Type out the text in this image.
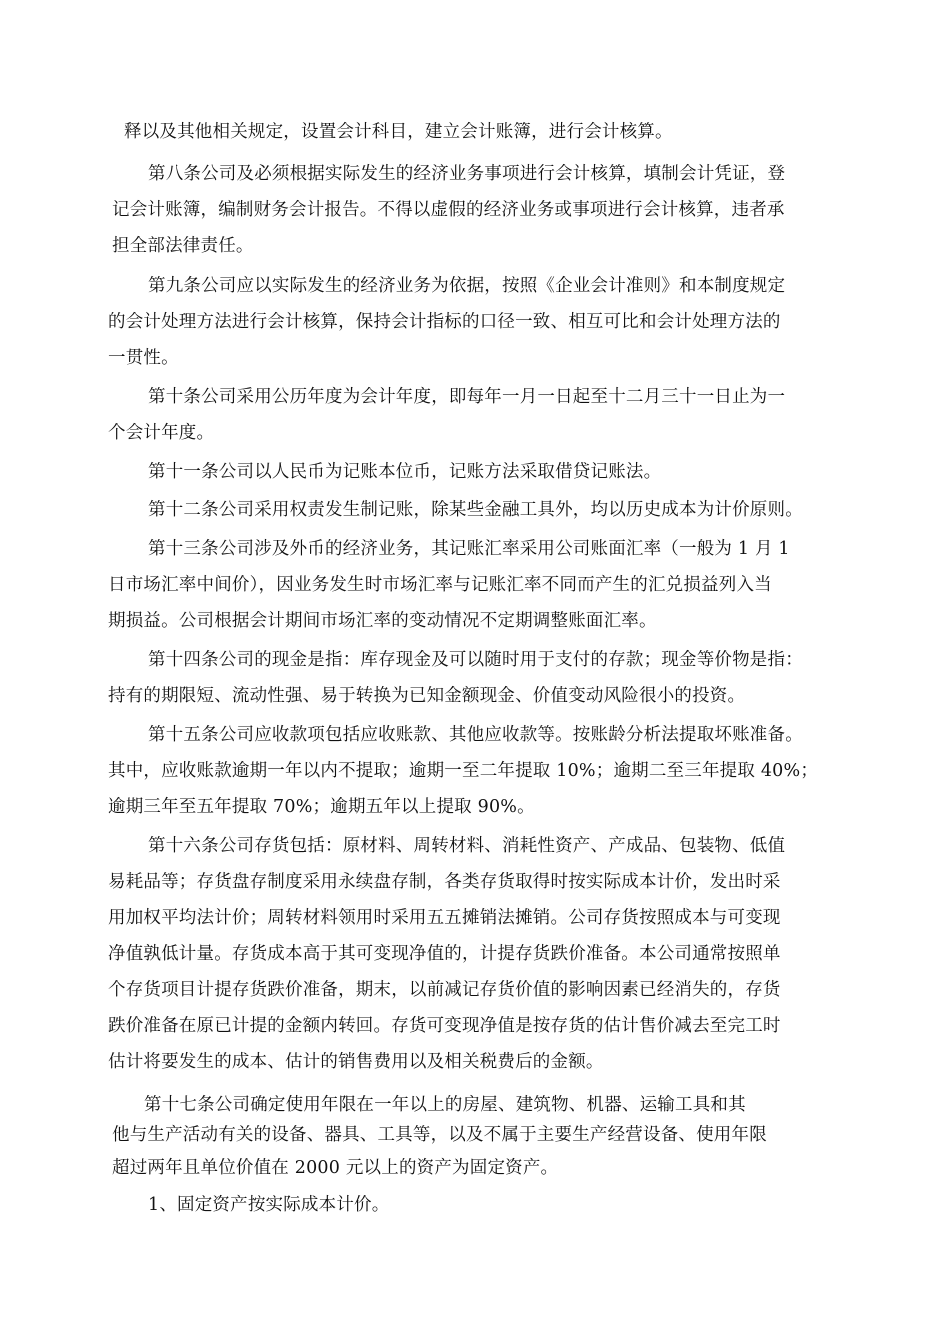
释以及其他相关规定，设置会计科目，建立会计账簿，进行会计核算。
第八条公司及必须根据实际发生的经济业务事项进行会计核算，填制会计凭证，登
记会计账簿，编制财务会计报告。不得以虚假的经济业务或事项进行会计核算，违者承
担全部法律责任。
第九条公司应以实际发生的经济业务为依据，按照《企业会计准则》和本制度规定
的会计处理方法进行会计核算，保持会计指标的口径一致、相互可比和会计处理方法的
一贯性。
第十条公司采用公历年度为会计年度，即每年一月一日起至十二月三十一日止为一
个会计年度。
第十一条公司以人民币为记账本位币，记账方法采取借贷记账法。
第十二条公司采用权责发生制记账，除某些金融工具外，均以历史成本为计价原则。
第十三条公司涉及外币的经济业务，其记账汇率采用公司账面汇率（一般为 1 月 1
日市场汇率中间价），因业务发生时市场汇率与记账汇率不同而产生的汇兑损益列入当
期损益。公司根据会计期间市场汇率的变动情况不定期调整账面汇率。
第十四条公司的现金是指：库存现金及可以随时用于支付的存款；现金等价物是指：
持有的期限短、流动性强、易于转换为已知金额现金、价值变动风险很小的投资。
第十五条公司应收款项包括应收账款、其他应收款等。按账龄分析法提取坏账准备。
其中，应收账款逾期一年以内不提取；逾期一至二年提取 10%；逾期二至三年提取 40%；
逾期三年至五年提取 70%；逾期五年以上提取 90%。
第十六条公司存货包括：原材料、周转材料、消耗性资产、产成品、包装物、低值
易耗品等；存货盘存制度采用永续盘存制，各类存货取得时按实际成本计价，发出时采
用加权平均法计价；周转材料领用时采用五五摊销法摊销。公司存货按照成本与可变现
净值孰低计量。存货成本高于其可变现净值的，计提存货跌价准备。本公司通常按照单
个存货项目计提存货跌价准备，期末，以前减记存货价值的影响因素已经消失的，存货
跌价准备在原已计提的金额内转回。存货可变现净值是按存货的估计售价减去至完工时
估计将要发生的成本、估计的销售费用以及相关税费后的金额。
第十七条公司确定使用年限在一年以上的房屋、建筑物、机器、运输工具和其
他与生产活动有关的设备、器具、工具等，以及不属于主要生产经营设备、使用年限
超过两年且单位价值在 2000 元以上的资产为固定资产。
1、固定资产按实际成本计价。
